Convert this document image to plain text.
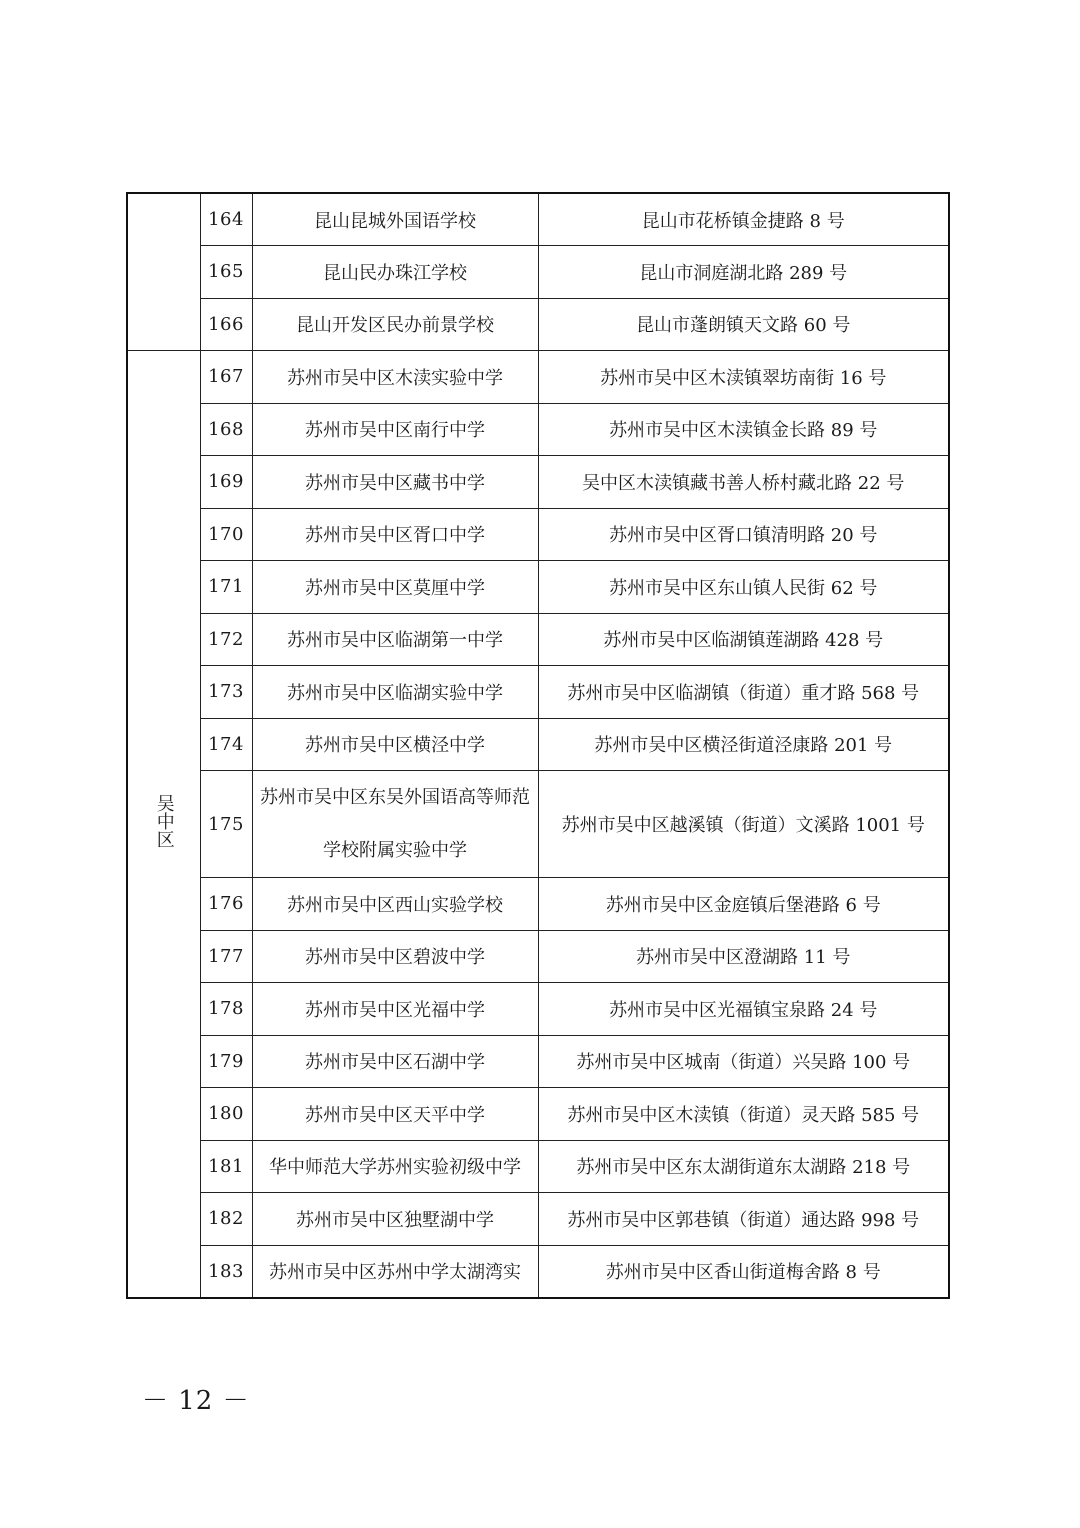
	164	昆山昆城外国语学校	昆山市花桥镇金捷路 8 号
	165	昆山民办珠江学校	昆山市洞庭湖北路 289 号
	166	昆山开发区民办前景学校	昆山市蓬朗镇天文路 60 号
吴中区	167	苏州市吴中区木渎实验中学	苏州市吴中区木渎镇翠坊南街 16 号
	168	苏州市吴中区南行中学	苏州市吴中区木渎镇金长路 89 号
	169	苏州市吴中区藏书中学	吴中区木渎镇藏书善人桥村藏北路 22 号
	170	苏州市吴中区胥口中学	苏州市吴中区胥口镇清明路 20 号
	171	苏州市吴中区莫厘中学	苏州市吴中区东山镇人民街 62 号
	172	苏州市吴中区临湖第一中学	苏州市吴中区临湖镇莲湖路 428 号
	173	苏州市吴中区临湖实验中学	苏州市吴中区临湖镇（街道）重才路 568 号
	174	苏州市吴中区横泾中学	苏州市吴中区横泾街道泾康路 201 号
	175	苏州市吴中区东吴外国语高等师范学校附属实验中学	苏州市吴中区越溪镇（街道）文溪路 1001 号
	176	苏州市吴中区西山实验学校	苏州市吴中区金庭镇后堡港路 6 号
	177	苏州市吴中区碧波中学	苏州市吴中区澄湖路 11 号
	178	苏州市吴中区光福中学	苏州市吴中区光福镇宝泉路 24 号
	179	苏州市吴中区石湖中学	苏州市吴中区城南（街道）兴吴路 100 号
	180	苏州市吴中区天平中学	苏州市吴中区木渎镇（街道）灵天路 585 号
	181	华中师范大学苏州实验初级中学	苏州市吴中区东太湖街道东太湖路 218 号
	182	苏州市吴中区独墅湖中学	苏州市吴中区郭巷镇（街道）通达路 998 号
	183	苏州市吴中区苏州中学太湖湾实	苏州市吴中区香山街道梅舍路 8 号
－ 12 －
